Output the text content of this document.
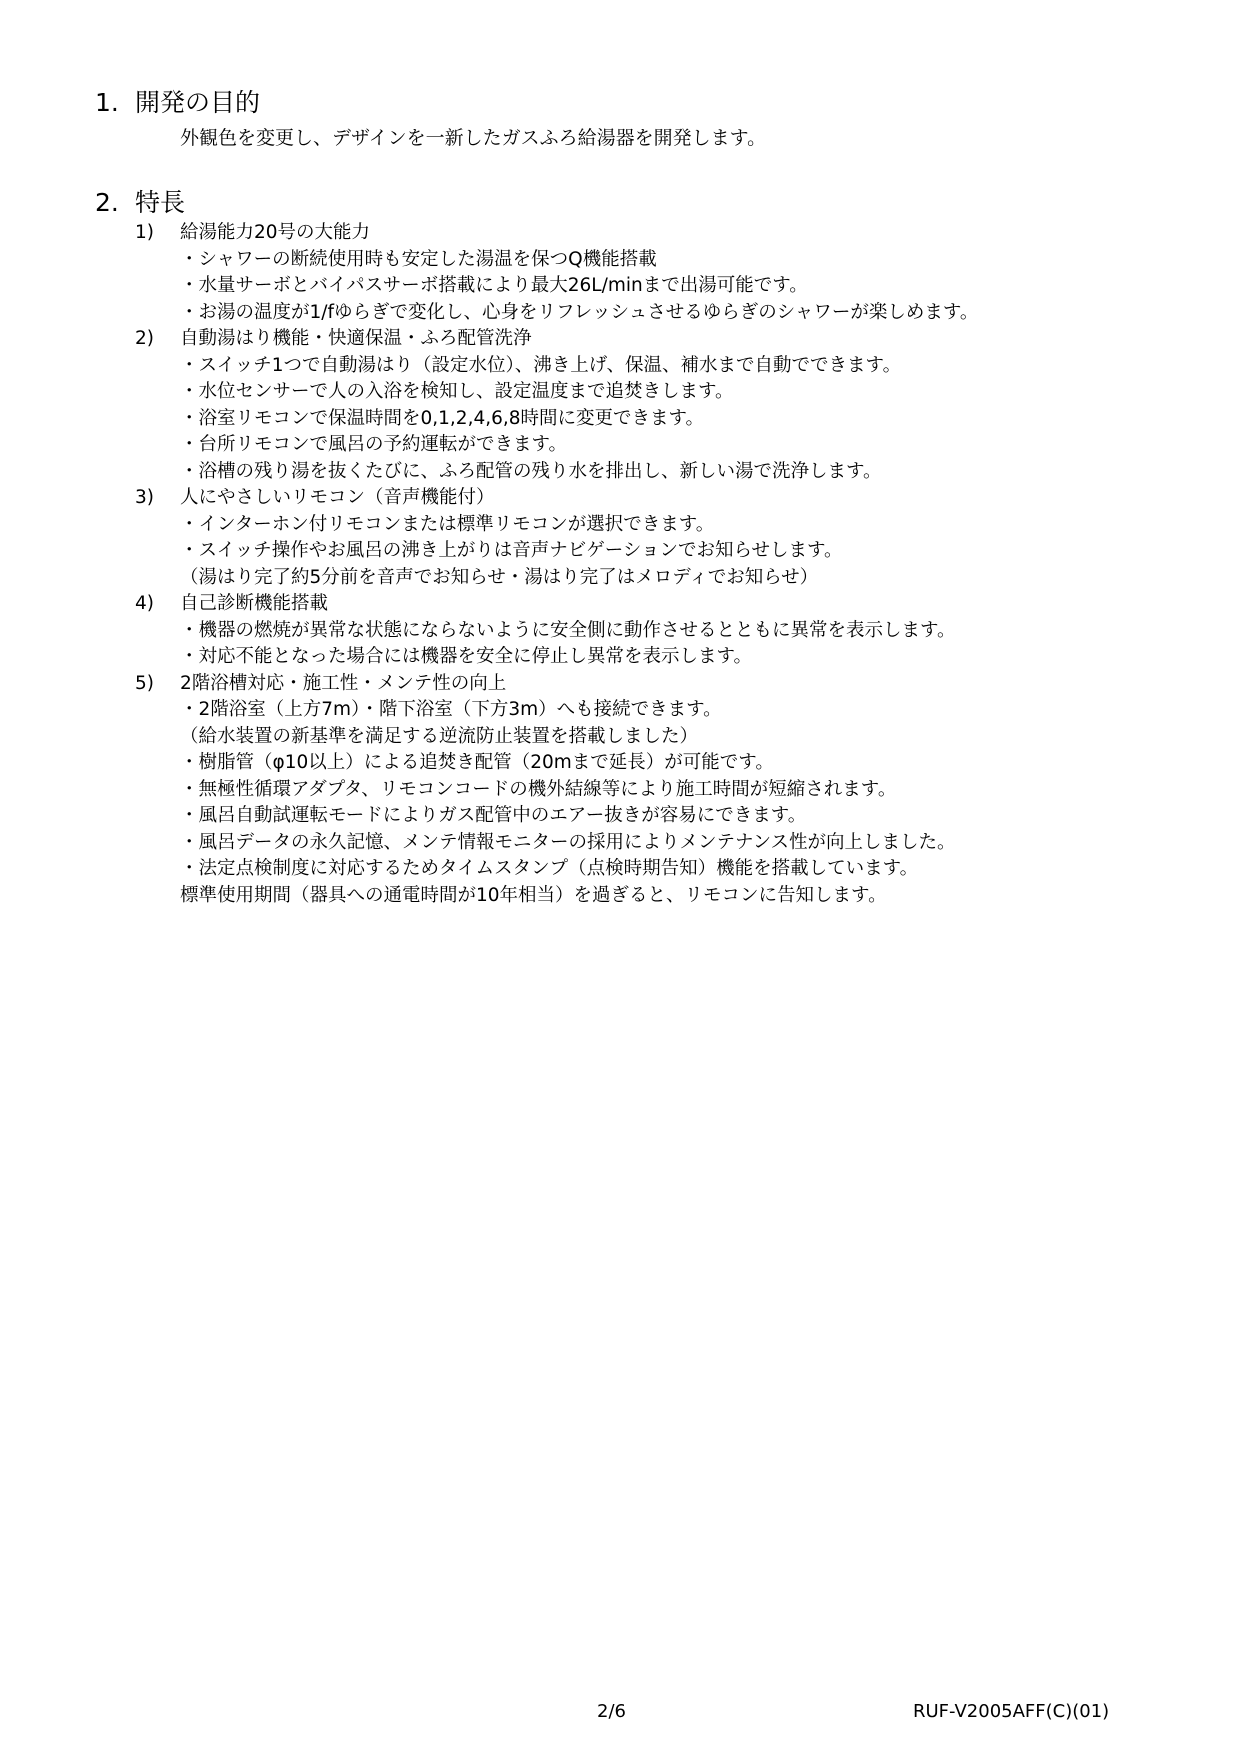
1. 開発の目的
外観色を変更し、デザインを一新したガスふろ給湯器を開発します。
2. 特長
1) 給湯能力20号の大能力
・シャワーの断続使用時も安定した湯温を保つQ機能搭載
・水量サーボとバイパスサーボ搭載により最大26L/minまで出湯可能です。
・お湯の温度が1/fゆらぎで変化し、心身をリフレッシュさせるゆらぎのシャワーが楽しめます。
2) 自動湯はり機能・快適保温・ふろ配管洗浄
・スイッチ1つで自動湯はり（設定水位）、沸き上げ、保温、補水まで自動でできます。
・水位センサーで人の入浴を検知し、設定温度まで追焚きします。
・浴室リモコンで保温時間を0,1,2,4,6,8時間に変更できます。
・台所リモコンで風呂の予約運転ができます。
・浴槽の残り湯を抜くたびに、ふろ配管の残り水を排出し、新しい湯で洗浄します。
3) 人にやさしいリモコン（音声機能付）
・インターホン付リモコンまたは標準リモコンが選択できます。
・スイッチ操作やお風呂の沸き上がりは音声ナビゲーションでお知らせします。
（湯はり完了約5分前を音声でお知らせ・湯はり完了はメロディでお知らせ）
4) 自己診断機能搭載
・機器の燃焼が異常な状態にならないように安全側に動作させるとともに異常を表示します。
・対応不能となった場合には機器を安全に停止し異常を表示します。
5) 2階浴槽対応・施工性・メンテ性の向上
・2階浴室（上方7m）・階下浴室（下方3m）へも接続できます。
（給水装置の新基準を満足する逆流防止装置を搭載しました）
・樹脂管（φ10以上）による追焚き配管（20mまで延長）が可能です。
・無極性循環アダプタ、リモコンコードの機外結線等により施工時間が短縮されます。
・風呂自動試運転モードによりガス配管中のエアー抜きが容易にできます。
・風呂データの永久記憶、メンテ情報モニターの採用によりメンテナンス性が向上しました。
・法定点検制度に対応するためタイムスタンプ（点検時期告知）機能を搭載しています。
標準使用期間（器具への通電時間が10年相当）を過ぎると、リモコンに告知します。
2/6	RUF-V2005AFF(C)(01)
